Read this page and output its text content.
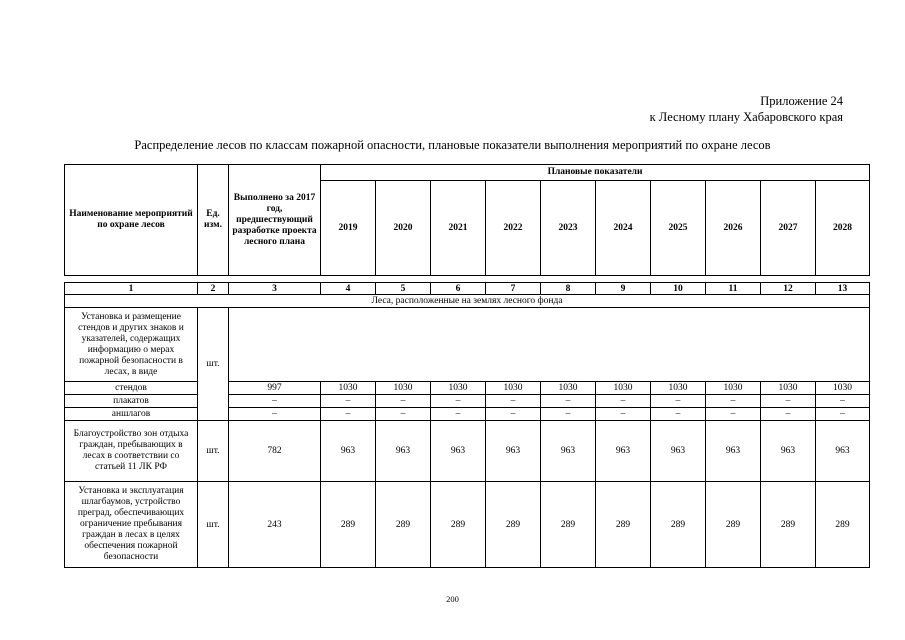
Приложение 24
к Лесному плану Хабаровского края
Распределение лесов по классам пожарной опасности, плановые показатели выполнения мероприятий по охране лесов
Наименование мероприятий по охране лесов	Ед. изм.	Выполнено за 2017 год, предшествующий разработке проекта лесного плана	Плановые показатели									
			2019	2020	2021	2022	2023	2024	2025	2026	2027	2028

1	2	3	4	5	6	7	8	9	10	11	12	13
Леса, расположенные на землях лесного фонда												
Установка и размещение стендов и других знаков и указателей, содержащих информацию о мерах пожарной безопасности в лесах, в виде	шт.											
стендов		997	1030	1030	1030	1030	1030	1030	1030	1030	1030	1030
плакатов		–	–	–	–	–	–	–	–	–	–	–
аншлагов		–	–	–	–	–	–	–	–	–	–	–
Благоустройство зон отдыха граждан, пребывающих в лесах в соответствии со статьей 11 ЛК РФ	шт.	782	963	963	963	963	963	963	963	963	963	963
Установка и эксплуатация шлагбаумов, устройство преград, обеспечивающих ограничение пребывания граждан в лесах в целях обеспечения пожарной безопасности	шт.	243	289	289	289	289	289	289	289	289	289	289
200
